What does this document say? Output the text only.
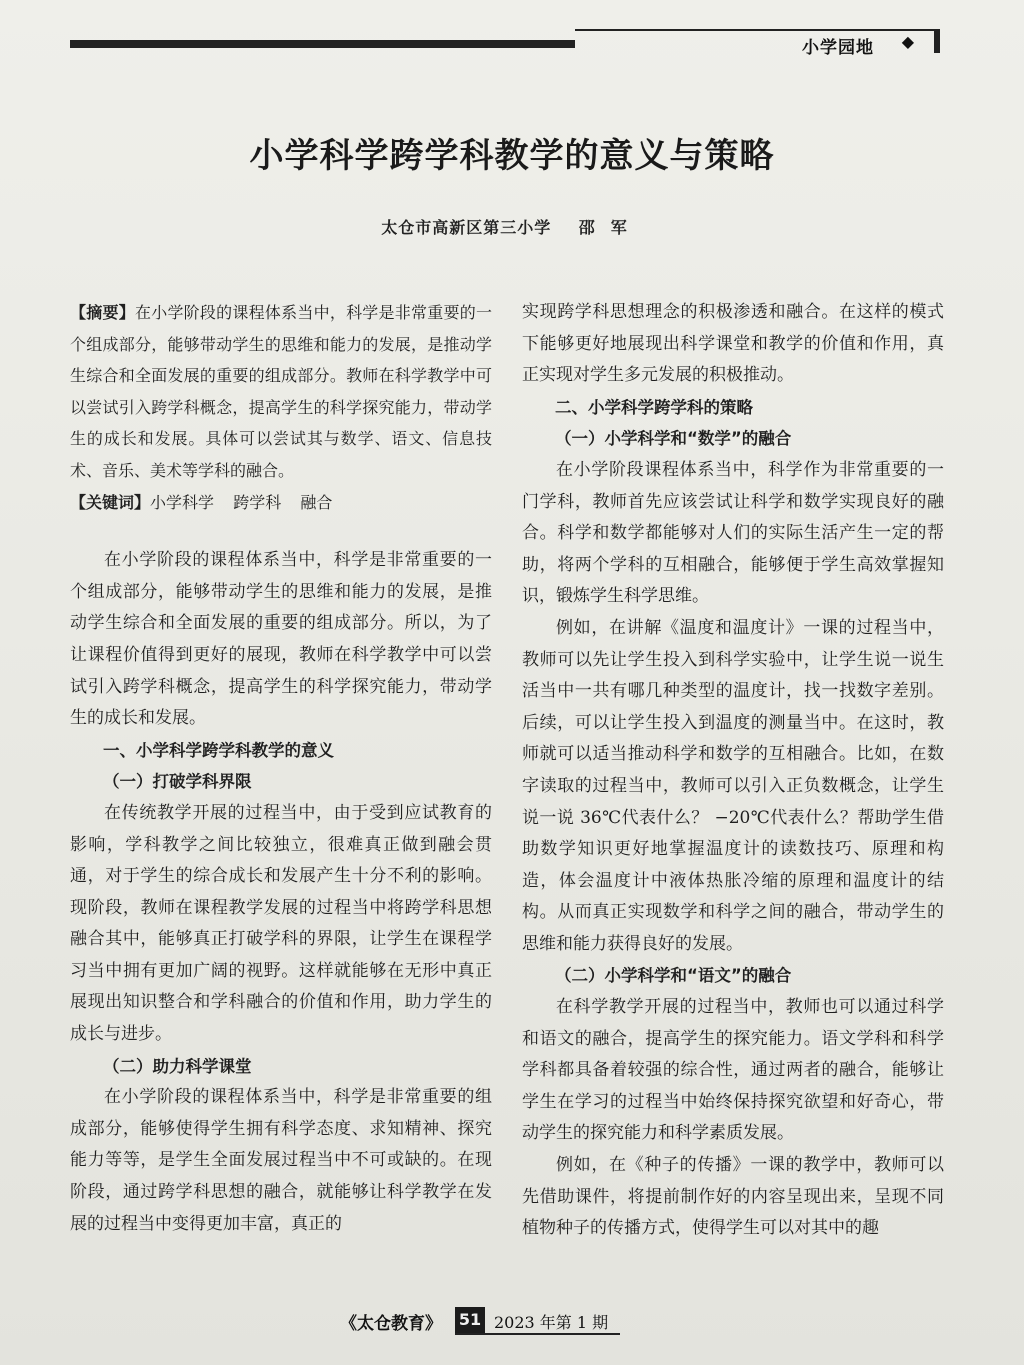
小学园地 ◆
小学科学跨学科教学的意义与策略
太仓市高新区第三小学 邵军

【摘要】在小学阶段的课程体系当中，科学是非常重要的一个组成部分，能够带动学生的思维和能力的发展，是推动学生综合和全面发展的重要的组成部分。教师在科学教学中可以尝试引入跨学科概念，提高学生的科学探究能力，带动学生的成长和发展。具体可以尝试其与数学、语文、信息技术、音乐、美术等学科的融合。

【关键词】小学科学 跨学科 融合

在小学阶段的课程体系当中，科学是非常重要的一个组成部分，能够带动学生的思维和能力的发展，是推动学生综合和全面发展的重要的组成部分。所以，为了让课程价值得到更好的展现，教师在科学教学中可以尝试引入跨学科概念，提高学生的科学探究能力，带动学生的成长和发展。

一、小学科学跨学科教学的意义

（一）打破学科界限

在传统教学开展的过程当中，由于受到应试教育的影响，学科教学之间比较独立，很难真正做到融会贯通，对于学生的综合成长和发展产生十分不利的影响。现阶段，教师在课程教学发展的过程当中将跨学科思想融合其中，能够真正打破学科的界限，让学生在课程学习当中拥有更加广阔的视野。这样就能够在无形中真正展现出知识整合和学科融合的价值和作用，助力学生的成长与进步。

（二）助力科学课堂

在小学阶段的课程体系当中，科学是非常重要的组成部分，能够使得学生拥有科学态度、求知精神、探究能力等等，是学生全面发展过程当中不可或缺的。在现阶段，通过跨学科思想的融合，就能够让科学教学在发展的过程当中变得更加丰富，真正的

实现跨学科思想理念的积极渗透和融合。在这样的模式下能够更好地展现出科学课堂和教学的价值和作用，真正实现对学生多元发展的积极推动。

二、小学科学跨学科的策略

（一）小学科学和“数学”的融合

在小学阶段课程体系当中，科学作为非常重要的一门学科，教师首先应该尝试让科学和数学实现良好的融合。科学和数学都能够对人们的实际生活产生一定的帮助，将两个学科的互相融合，能够便于学生高效掌握知识，锻炼学生科学思维。

例如，在讲解《温度和温度计》一课的过程当中，教师可以先让学生投入到科学实验中，让学生说一说生活当中一共有哪几种类型的温度计，找一找数字差别。后续，可以让学生投入到温度的测量当中。在这时，教师就可以适当推动科学和数学的互相融合。比如，在数字读取的过程当中，教师可以引入正负数概念，让学生说一说 36℃代表什么？ −20℃代表什么？帮助学生借助数学知识更好地掌握温度计的读数技巧、原理和构造，体会温度计中液体热胀冷缩的原理和温度计的结构。从而真正实现数学和科学之间的融合，带动学生的思维和能力获得良好的发展。

（二）小学科学和“语文”的融合

在科学教学开展的过程当中，教师也可以通过科学和语文的融合，提高学生的探究能力。语文学科和科学学科都具备着较强的综合性，通过两者的融合，能够让学生在学习的过程当中始终保持探究欲望和好奇心，带动学生的探究能力和科学素质发展。

例如，在《种子的传播》一课的教学中，教师可以先借助课件，将提前制作好的内容呈现出来，呈现不同植物种子的传播方式，使得学生可以对其中的趣

《太仓教育》 51 2023 年第 1 期
